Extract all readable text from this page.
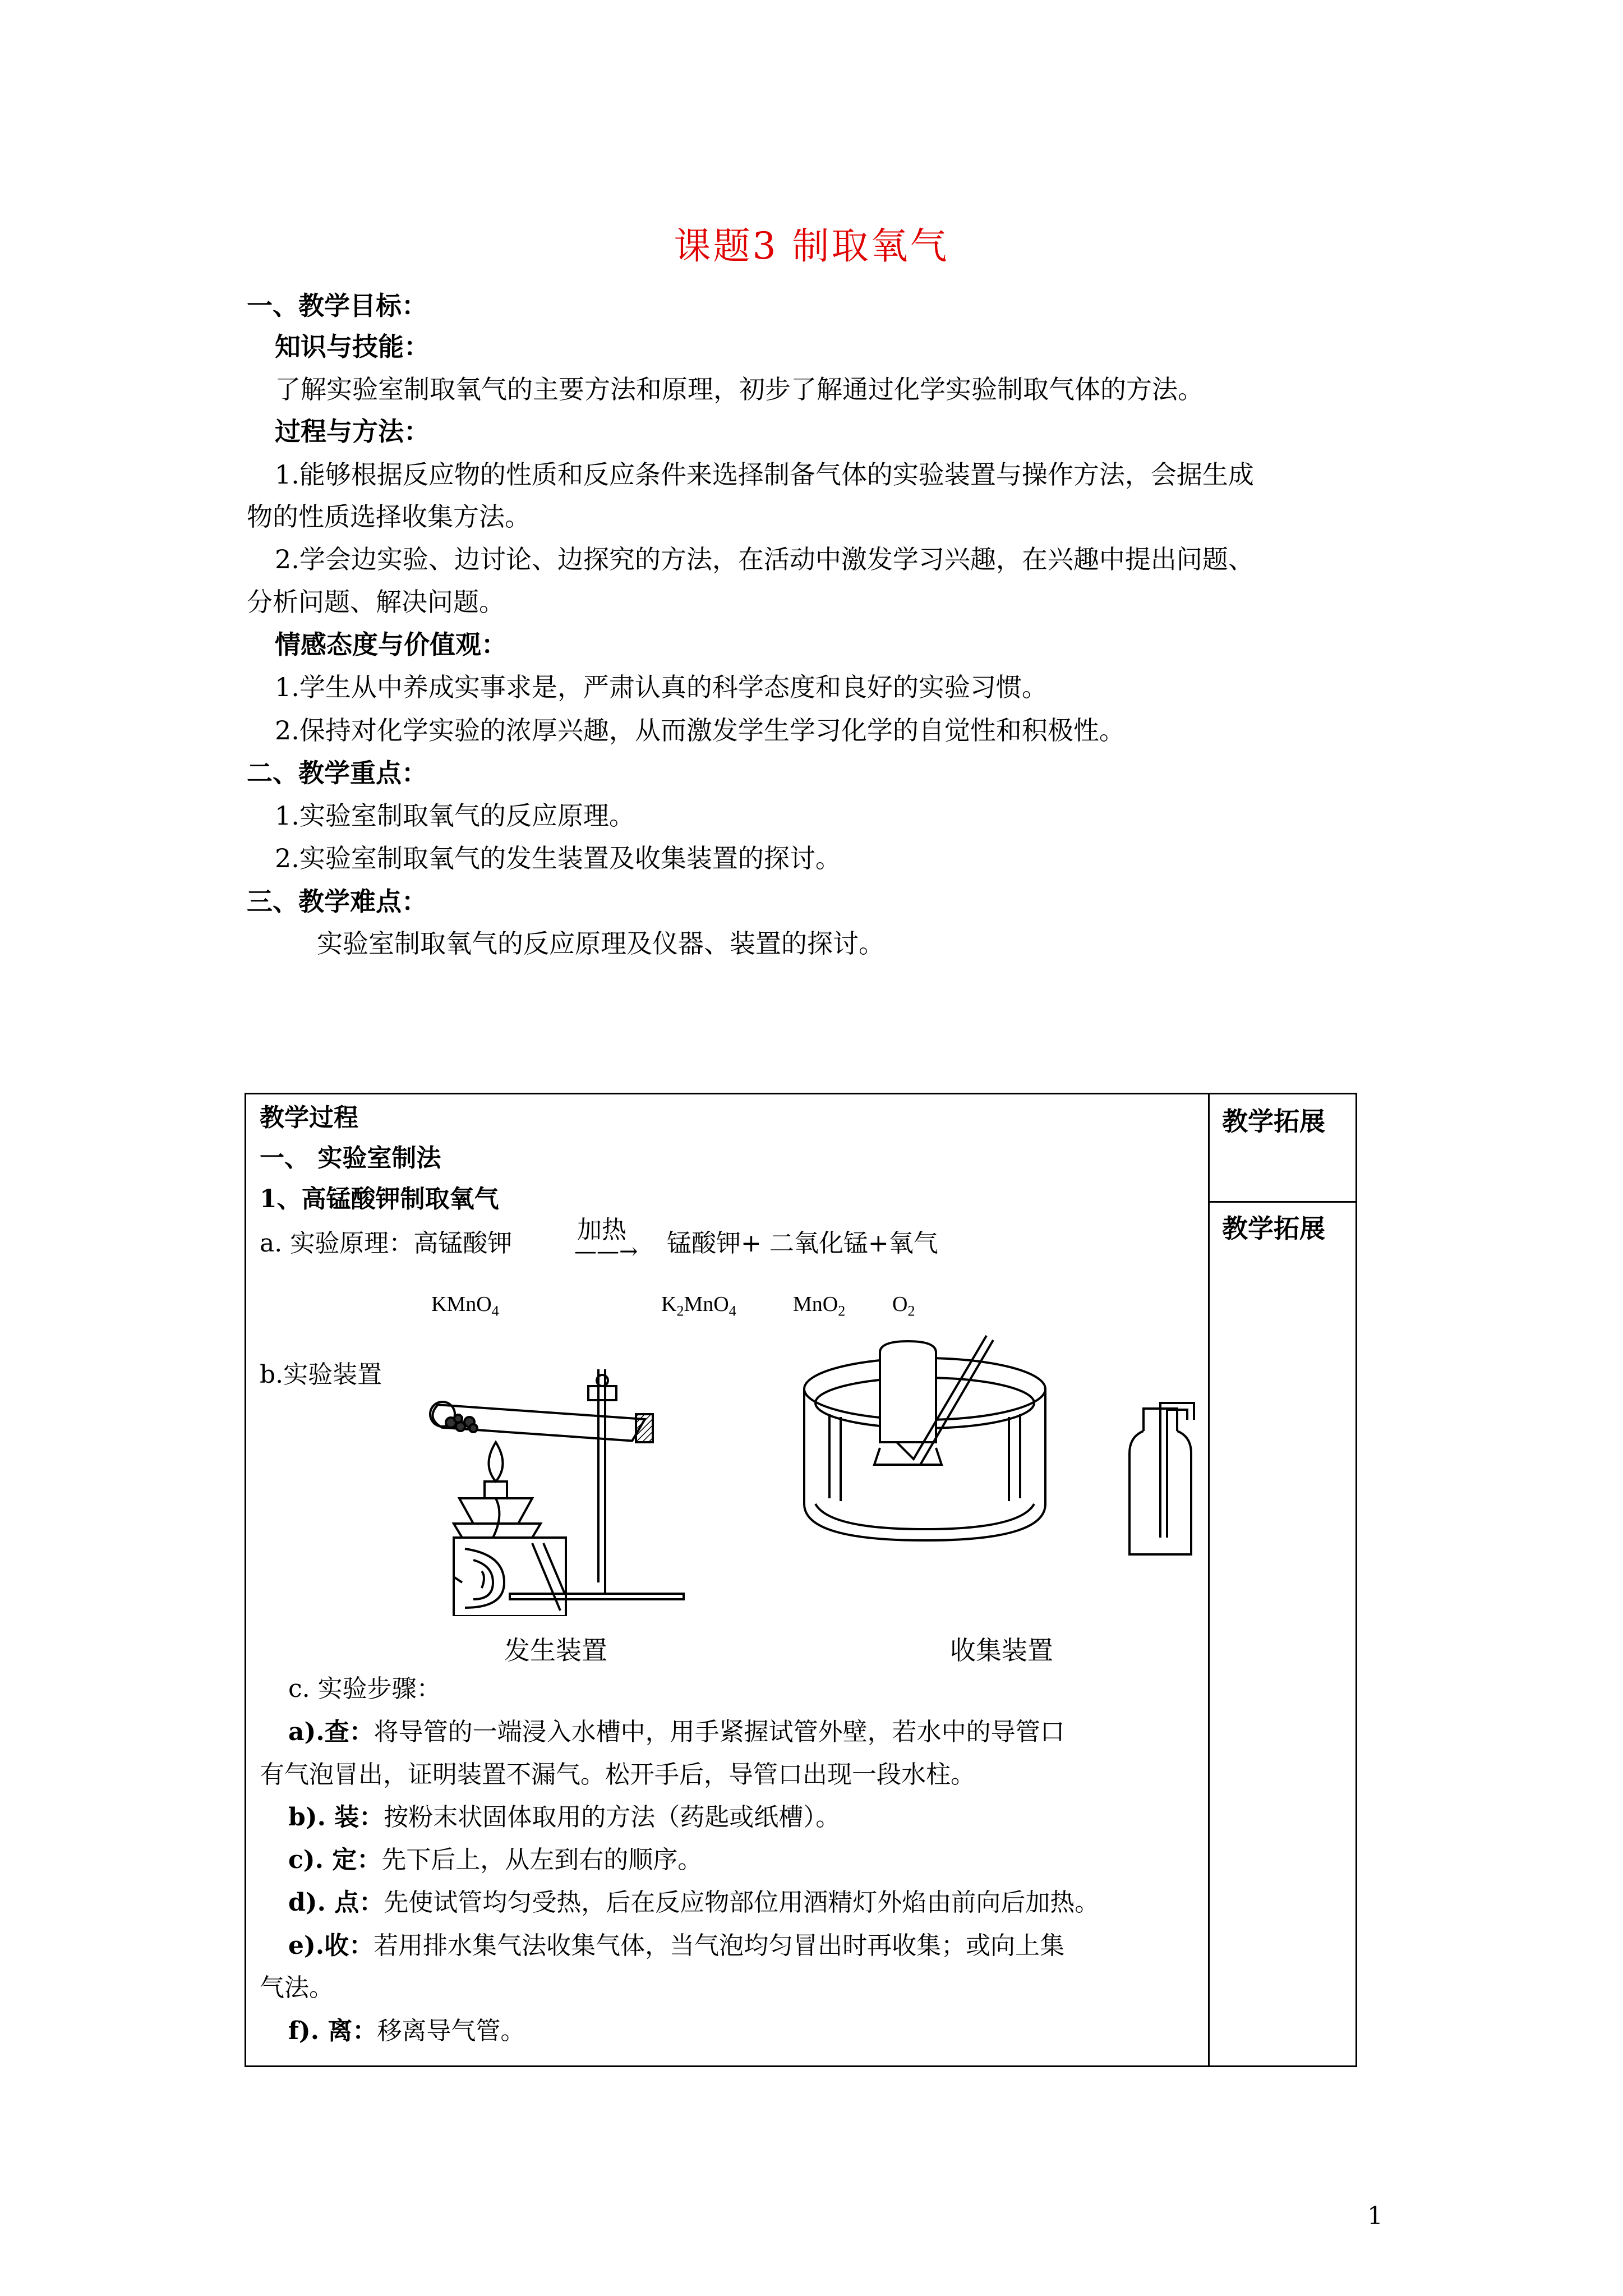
课题3 制取氧气
一、教学目标：
知识与技能：
了解实验室制取氧气的主要方法和原理，初步了解通过化学实验制取气体的方法。
过程与方法：
1.能够根据反应物的性质和反应条件来选择制备气体的实验装置与操作方法，会据生成
物的性质选择收集方法。
2.学会边实验、边讨论、边探究的方法，在活动中激发学习兴趣，在兴趣中提出问题、
分析问题、解决问题。
情感态度与价值观：
1.学生从中养成实事求是，严肃认真的科学态度和良好的实验习惯。
2.保持对化学实验的浓厚兴趣，从而激发学生学习化学的自觉性和积极性。
二、教学重点：
1.实验室制取氧气的反应原理。
2.实验室制取氧气的发生装置及收集装置的探讨。
三、教学难点：
实验室制取氧气的反应原理及仪器、装置的探讨。
教学拓展
教学拓展
教学过程
一、 实验室制法
1、高锰酸钾制取氧气
a. 实验原理：高锰酸钾	加热
——→ 锰酸钾+ 二氧化锰+氧气
KMnO$_4$	$K_2MnO_4$	MnO$_2$ $O_2$
b.实验装置
发生装置	收集装置
c. 实验步骤：
a).查：将导管的一端浸入水槽中，用手紧握试管外壁，若水中的导管口
有气泡冒出，证明装置不漏气。松开手后，导管口出现一段水柱。
b). 装：按粉末状固体取用的方法（药匙或纸槽）。
c). 定：先下后上，从左到右的顺序。
d). 点：先使试管均匀受热，后在反应物部位用酒精灯外焰由前向后加热。
e).收：若用排水集气法收集气体，当气泡均匀冒出时再收集；或向上集
气法。
f). 离：移离导气管。
1
